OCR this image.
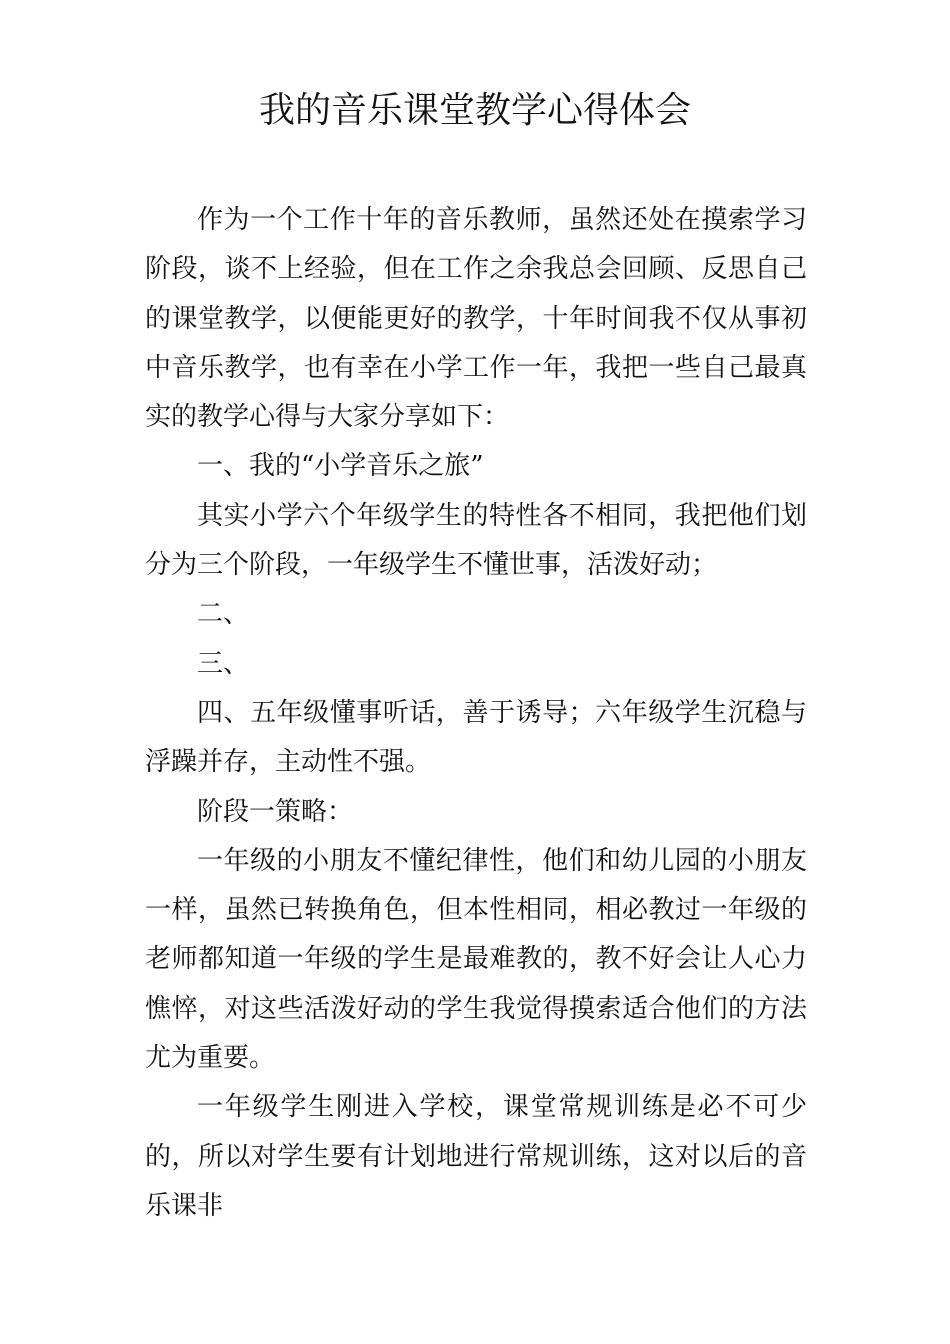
我的音乐课堂教学心得体会

作为一个工作十年的音乐教师，虽然还处在摸索学习阶段，谈不上经验，但在工作之余我总会回顾、反思自己的课堂教学，以便能更好的教学，十年时间我不仅从事初中音乐教学，也有幸在小学工作一年，我把一些自己最真实的教学心得与大家分享如下：

一、我的“小学音乐之旅”

其实小学六个年级学生的特性各不相同，我把他们划分为三个阶段，一年级学生不懂世事，活泼好动；

二、

三、

四、五年级懂事听话，善于诱导；六年级学生沉稳与浮躁并存，主动性不强。

阶段一策略：

一年级的小朋友不懂纪律性，他们和幼儿园的小朋友一样，虽然已转换角色，但本性相同，相必教过一年级的老师都知道一年级的学生是最难教的，教不好会让人心力憔悴，对这些活泼好动的学生我觉得摸索适合他们的方法尤为重要。

一年级学生刚进入学校，课堂常规训练是必不可少的，所以对学生要有计划地进行常规训练，这对以后的音乐课非
